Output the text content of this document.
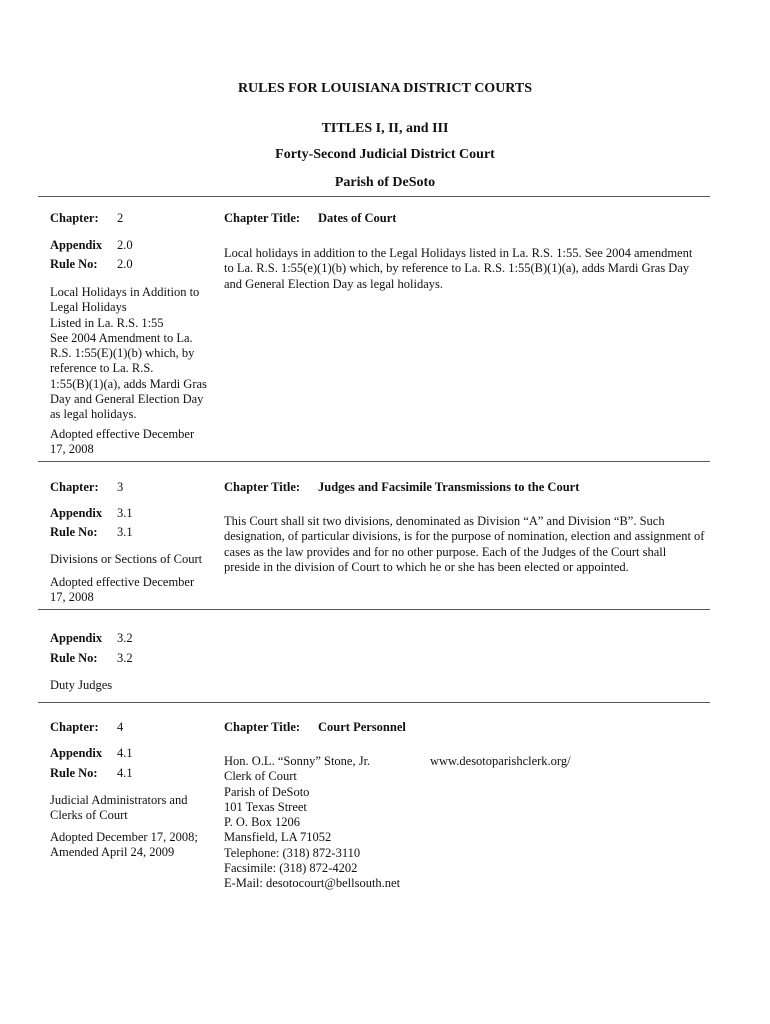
RULES FOR LOUISIANA DISTRICT COURTS
TITLES I, II, and III
Forty-Second Judicial District Court
Parish of DeSoto
Chapter: 2	Chapter Title: Dates of Court
Appendix 2.0
Rule No: 2.0
Local Holidays in Addition to
Legal Holidays
Listed in La. R.S. 1:55
See 2004 Amendment to La.
R.S. 1:55(E)(1)(b) which, by
reference to La. R.S.
1:55(B)(1)(a), adds Mardi Gras
Day and General Election Day
as legal holidays.
Adopted effective December
17, 2008
Local holidays in addition to the Legal Holidays listed in La. R.S. 1:55. See 2004 amendment
to La. R.S. 1:55(e)(1)(b) which, by reference to La. R.S. 1:55(B)(1)(a), adds Mardi Gras Day
and General Election Day as legal holidays.
Chapter: 3	Chapter Title: Judges and Facsimile Transmissions to the Court
Appendix 3.1
Rule No: 3.1
Divisions or Sections of Court
Adopted effective December
17, 2008
This Court shall sit two divisions, denominated as Division “A” and Division “B”. Such
designation, of particular divisions, is for the purpose of nomination, election and assignment of
cases as the law provides and for no other purpose. Each of the Judges of the Court shall
preside in the division of Court to which he or she has been elected or appointed.
Appendix 3.2
Rule No: 3.2
Duty Judges
Chapter: 4	Chapter Title: Court Personnel
Appendix 4.1
Rule No: 4.1
Judicial Administrators and
Clerks of Court
Adopted December 17, 2008;
Amended April 24, 2009
Hon. O.L. “Sonny” Stone, Jr.
Clerk of Court
Parish of DeSoto
101 Texas Street
P. O. Box 1206
Mansfield, LA 71052
Telephone: (318) 872-3110
Facsimile: (318) 872-4202
E-Mail: desotocourt@bellsouth.net
www.desotoparishclerk.org/
